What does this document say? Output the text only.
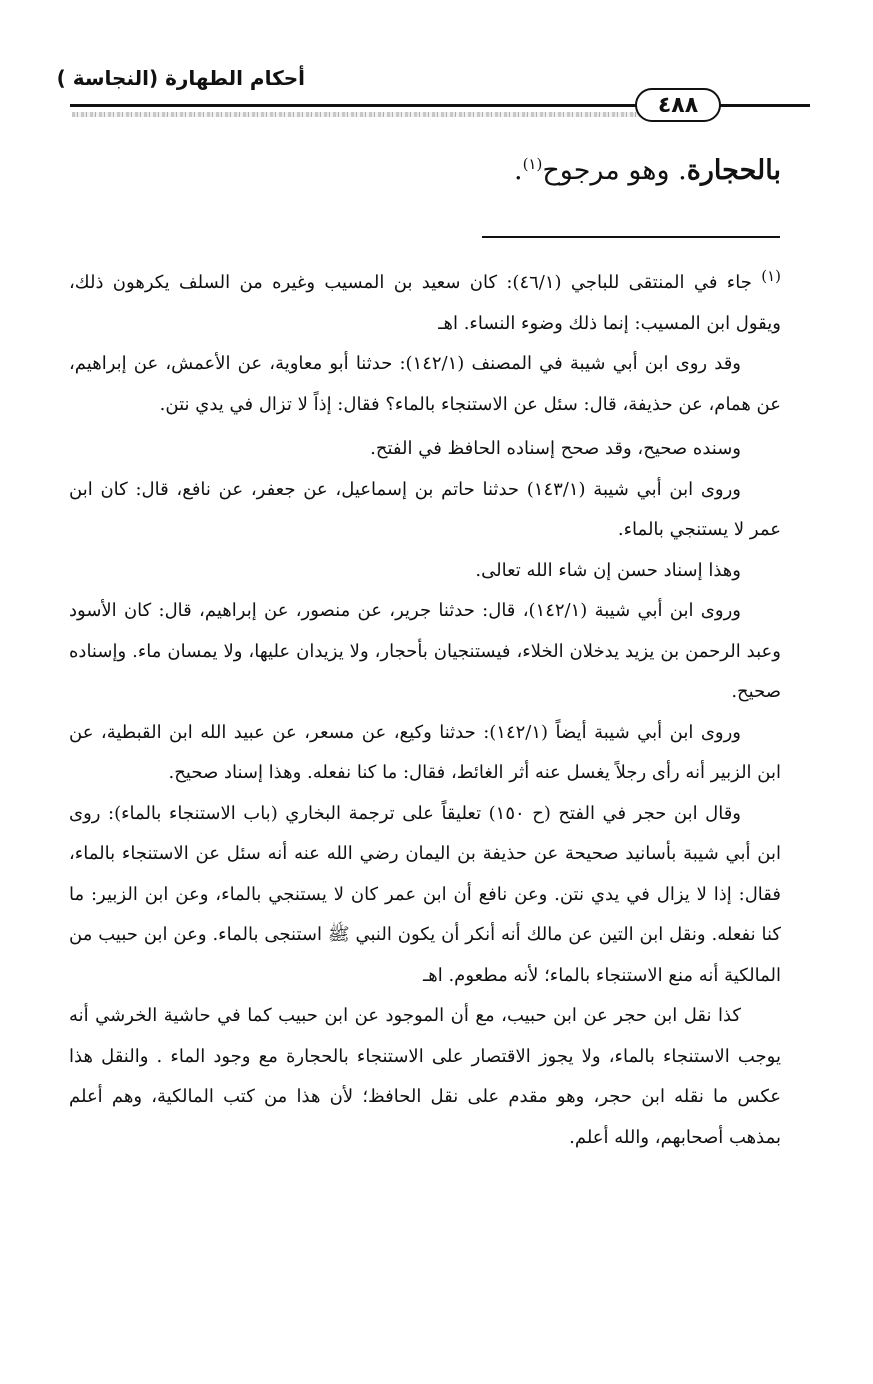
أحكام الطهارة (النجاسة )
٤٨٨
بالحجارة. وهو مرجوح$^{(١)}$.

$^{(١)}$ جاء في المنتقى للباجي (٤٦/١): كان سعيد بن المسيب وغيره من السلف يكرهون ذلك، ويقول ابن المسيب: إنما ذلك وضوء النساء. اهـ

وقد روى ابن أبي شيبة في المصنف (١٤٢/١): حدثنا أبو معاوية، عن الأعمش، عن إبراهيم، عن همام، عن حذيفة، قال: سئل عن الاستنجاء بالماء؟ فقال: إذاً لا تزال في يدي نتن.

وسنده صحيح، وقد صحح إسناده الحافظ في الفتح.

وروى ابن أبي شيبة (١٤٣/١) حدثنا حاتم بن إسماعيل، عن جعفر، عن نافع، قال: كان ابن عمر لا يستنجي بالماء.

وهذا إسناد حسن إن شاء الله تعالى.

وروى ابن أبي شيبة (١٤٢/١)، قال: حدثنا جرير، عن منصور، عن إبراهيم، قال: كان الأسود وعبد الرحمن بن يزيد يدخلان الخلاء، فيستنجيان بأحجار، ولا يزيدان عليها، ولا يمسان ماء. وإسناده صحيح.

وروى ابن أبي شيبة أيضاً (١٤٢/١): حدثنا وكيع، عن مسعر، عن عبيد الله ابن القبطية، عن ابن الزبير أنه رأى رجلاً يغسل عنه أثر الغائط، فقال: ما كنا نفعله. وهذا إسناد صحيح.

وقال ابن حجر في الفتح (ح ١٥٠) تعليقاً على ترجمة البخاري (باب الاستنجاء بالماء): روى ابن أبي شيبة بأسانيد صحيحة عن حذيفة بن اليمان رضي الله عنه أنه سئل عن الاستنجاء بالماء، فقال: إذا لا يزال في يدي نتن. وعن نافع أن ابن عمر كان لا يستنجي بالماء، وعن ابن الزبير: ما كنا نفعله. ونقل ابن التين عن مالك أنه أنكر أن يكون النبي ﷺ استنجى بالماء. وعن ابن حبيب من المالكية أنه منع الاستنجاء بالماء؛ لأنه مطعوم. اهـ

كذا نقل ابن حجر عن ابن حبيب، مع أن الموجود عن ابن حبيب كما في حاشية الخرشي أنه يوجب الاستنجاء بالماء، ولا يجوز الاقتصار على الاستنجاء بالحجارة مع وجود الماء . والنقل هذا عكس ما نقله ابن حجر، وهو مقدم على نقل الحافظ؛ لأن هذا من كتب المالكية، وهم أعلم بمذهب أصحابهم، والله أعلم.
